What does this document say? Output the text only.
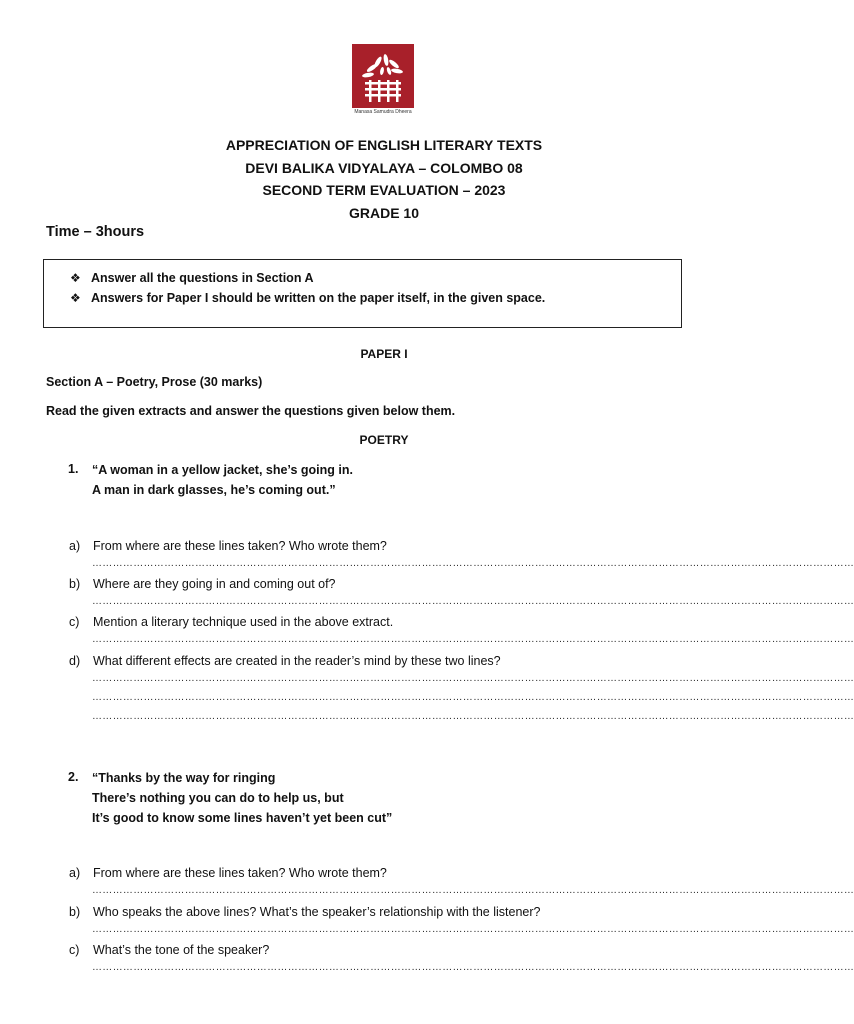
Manasa Samudra Dheera
APPRECIATION OF ENGLISH LITERARY TEXTS
DEVI BALIKA VIDYALAYA – COLOMBO 08
SECOND TERM EVALUATION – 2023
GRADE 10
Time – 3hours
❖ Answer all the questions in Section A
❖ Answers for Paper I should be written on the paper itself, in the given space.
PAPER I
Section A – Poetry, Prose (30 marks)
Read the given extracts and answer the questions given below them.
POETRY
1. “A woman in a yellow jacket, she’s going in.
A man in dark glasses, he’s coming out.”
a) From where are these lines taken? Who wrote them?
……………………………………………………………………………………………………………………………………………………………………………………………………
b) Where are they going in and coming out of?
……………………………………………………………………………………………………………………………………………………………………………………………………
c) Mention a literary technique used in the above extract.
……………………………………………………………………………………………………………………………………………………………………………………………………
d) What different effects are created in the reader’s mind by these two lines?
……………………………………………………………………………………………………………………………………………………………………………………………………
……………………………………………………………………………………………………………………………………………………………………………………………………
……………………………………………………………………………………………………………………………………………………………………………………………………
2. “Thanks by the way for ringing
There’s nothing you can do to help us, but
It’s good to know some lines haven’t yet been cut”
a) From where are these lines taken? Who wrote them?
……………………………………………………………………………………………………………………………………………………………………………………………………
b) Who speaks the above lines? What’s the speaker’s relationship with the listener?
……………………………………………………………………………………………………………………………………………………………………………………………………
c) What’s the tone of the speaker?
……………………………………………………………………………………………………………………………………………………………………………………………………
